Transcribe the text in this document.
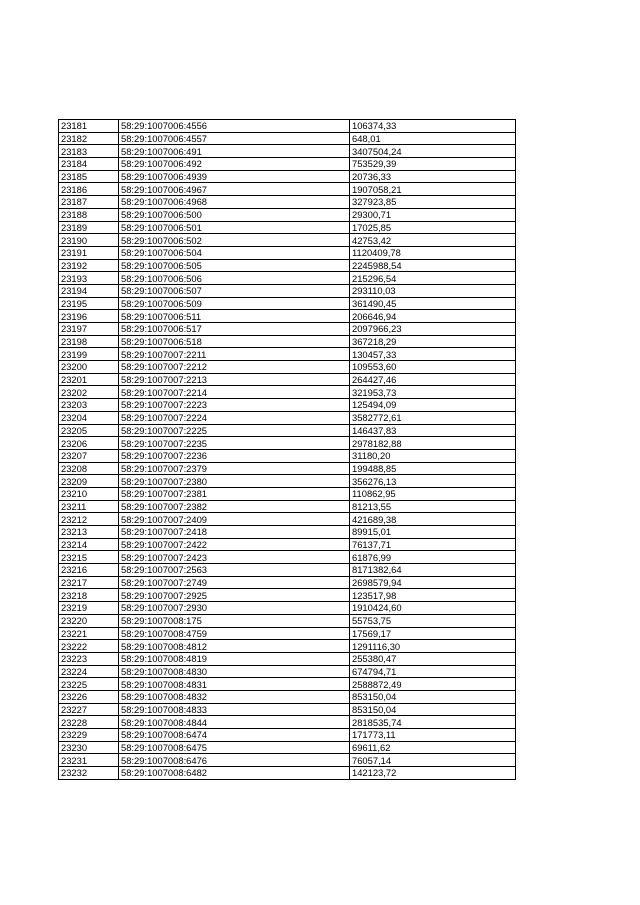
23181	58:29:1007006:4556	106374,33
23182	58:29:1007006:4557	648,01
23183	58:29:1007006:491	3407504,24
23184	58:29:1007006:492	753529,39
23185	58:29:1007006:4939	20736,33
23186	58:29:1007006:4967	1907058,21
23187	58:29:1007006:4968	327923,85
23188	58:29:1007006:500	29300,71
23189	58:29:1007006:501	17025,85
23190	58:29:1007006:502	42753,42
23191	58:29:1007006:504	1120409,78
23192	58:29:1007006:505	2245988,54
23193	58:29:1007006:506	215296,54
23194	58:29:1007006:507	293110,03
23195	58:29:1007006:509	361490,45
23196	58:29:1007006:511	206646,94
23197	58:29:1007006:517	2097966,23
23198	58:29:1007006:518	367218,29
23199	58:29:1007007:2211	130457,33
23200	58:29:1007007:2212	109553,60
23201	58:29:1007007:2213	264427,46
23202	58:29:1007007:2214	321953,73
23203	58:29:1007007:2223	125494,09
23204	58:29:1007007:2224	3582772,61
23205	58:29:1007007:2225	146437,83
23206	58:29:1007007:2235	2978182,88
23207	58:29:1007007:2236	31180,20
23208	58:29:1007007:2379	199488,85
23209	58:29:1007007:2380	356276,13
23210	58:29:1007007:2381	110862,95
23211	58:29:1007007:2382	81213,55
23212	58:29:1007007:2409	421689,38
23213	58:29:1007007:2418	89915,01
23214	58:29:1007007:2422	76137,71
23215	58:29:1007007:2423	61876,99
23216	58:29:1007007:2563	8171382,64
23217	58:29:1007007:2749	2698579,94
23218	58:29:1007007:2925	123517,98
23219	58:29:1007007:2930	1910424,60
23220	58:29:1007008:175	55753,75
23221	58:29:1007008:4759	17569,17
23222	58:29:1007008:4812	1291116,30
23223	58:29:1007008:4819	255380,47
23224	58:29:1007008:4830	674794,71
23225	58:29:1007008:4831	2588872,49
23226	58:29:1007008:4832	853150,04
23227	58:29:1007008:4833	853150,04
23228	58:29:1007008:4844	2818535,74
23229	58:29:1007008:6474	171773,11
23230	58:29:1007008:6475	69611,62
23231	58:29:1007008:6476	76057,14
23232	58:29:1007008:6482	142123,72
